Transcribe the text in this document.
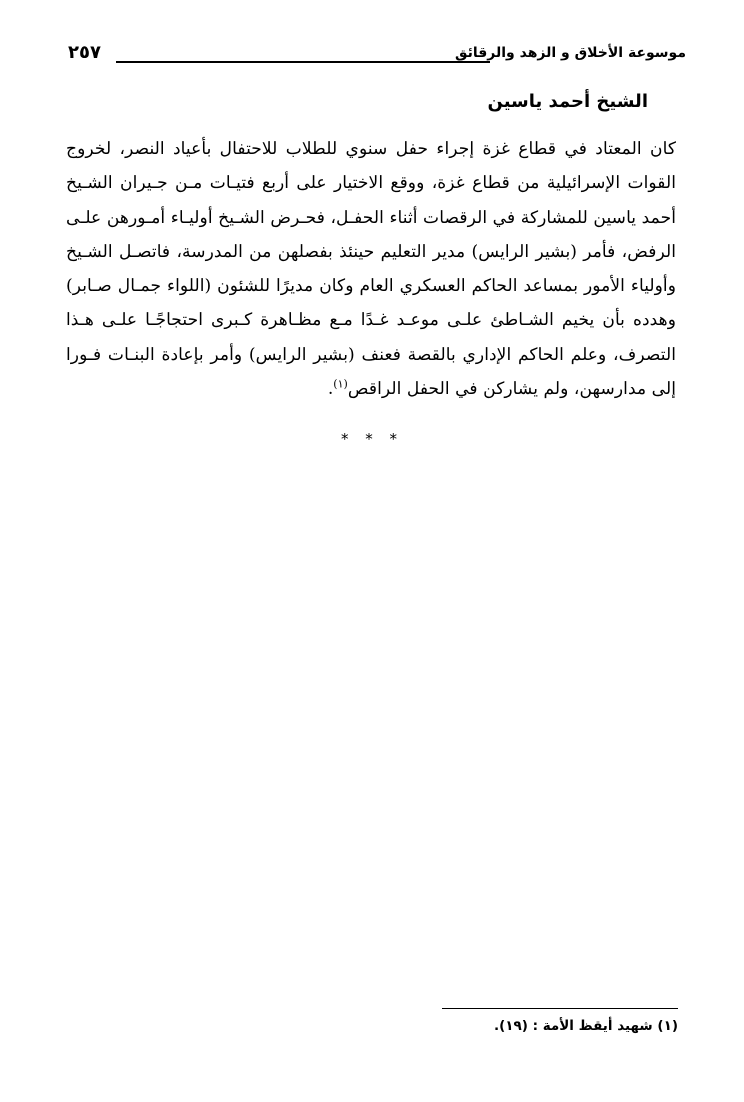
موسوعة الأخلاق و الزهد والرقائق
٢٥٧
الشيخ أحمد ياسين
كان المعتاد في قطاع غزة إجراء حفل سنوي للطلاب للاحتفال بأعياد النصر، لخروج
القوات الإسرائيلية من قطاع غزة، ووقع الاختيار على أربع فتيـات مـن جـيران الشـيخ
أحمد ياسين للمشاركة في الرقصات أثناء الحفـل، فحـرض الشـيخ أوليـاء أمـورهن علـى
الرفض، فأمر (بشير الرايس) مدير التعليم حينئذ بفصلهن من المدرسة، فاتصـل الشـيخ
وأولياء الأمور بمساعد الحاكم العسكري العام وكان مديرًا للشئون (اللواء جمـال صـابر)
وهدده بأن يخيم الشـاطئ علـى موعـد غـدًا مـع مظـاهرة كـبرى احتجاجًـا علـى هـذا
التصرف، وعلم الحاكم الإداري بالقصة فعنف (بشير الرايس) وأمر بإعادة البنـات فـورا
إلى مدارسهن، ولم يشاركن في الحفل الراقص$^{(١)}$.
* * *
(١) شهيد أيقظ الأمة : (١٩).
